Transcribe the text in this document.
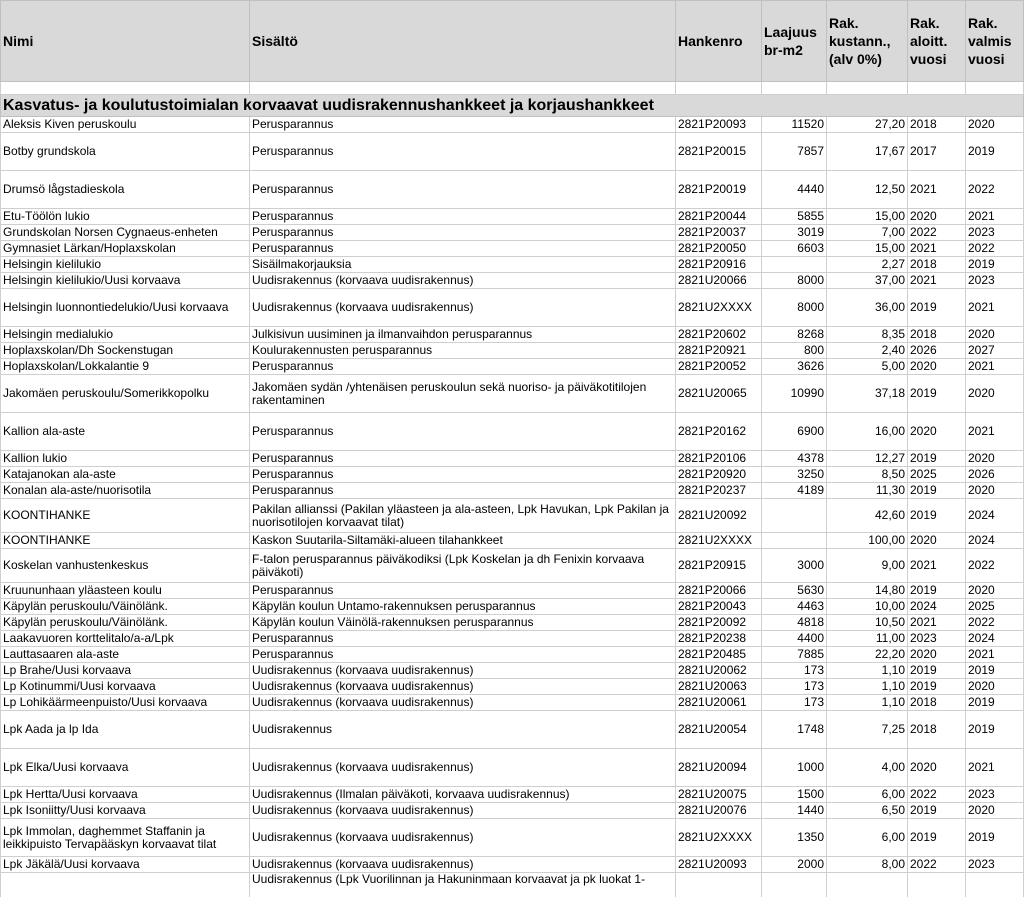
Nimi	Sisältö	Hankenro	Laajuus br-m2	Rak. kustann., (alv 0%)	Rak. aloitt. vuosi	Rak. valmis vuosi

Kasvatus- ja koulutustoimialan korvaavat uudisrakennushankkeet ja korjaushankkeet						
Aleksis Kiven peruskoulu	Perusparannus	2821P20093	11520	27,20	2018	2020
Botby grundskola	Perusparannus	2821P20015	7857	17,67	2017	2019
Drumsö lågstadieskola	Perusparannus	2821P20019	4440	12,50	2021	2022
Etu-Töölön lukio	Perusparannus	2821P20044	5855	15,00	2020	2021
Grundskolan Norsen Cygnaeus-enheten	Perusparannus	2821P20037	3019	7,00	2022	2023
Gymnasiet Lärkan/Hoplaxskolan	Perusparannus	2821P20050	6603	15,00	2021	2022
Helsingin kielilukio	Sisäilmakorjauksia	2821P20916		2,27	2018	2019
Helsingin kielilukio/Uusi korvaava	Uudisrakennus (korvaava uudisrakennus)	2821U20066	8000	37,00	2021	2023
Helsingin luonnontiedelukio/Uusi korvaava	Uudisrakennus (korvaava uudisrakennus)	2821U2XXXX	8000	36,00	2019	2021
Helsingin medialukio	Julkisivun uusiminen ja ilmanvaihdon perusparannus	2821P20602	8268	8,35	2018	2020
Hoplaxskolan/Dh Sockenstugan	Koulurakennusten perusparannus	2821P20921	800	2,40	2026	2027
Hoplaxskolan/Lokkalantie 9	Perusparannus	2821P20052	3626	5,00	2020	2021
Jakomäen peruskoulu/Somerikkopolku	Jakomäen sydän /yhtenäisen peruskoulun sekä nuoriso- ja päiväkotitilojen rakentaminen	2821U20065	10990	37,18	2019	2020
Kallion ala-aste	Perusparannus	2821P20162	6900	16,00	2020	2021
Kallion lukio	Perusparannus	2821P20106	4378	12,27	2019	2020
Katajanokan ala-aste	Perusparannus	2821P20920	3250	8,50	2025	2026
Konalan ala-aste/nuorisotila	Perusparannus	2821P20237	4189	11,30	2019	2020
KOONTIHANKE	Pakilan allianssi (Pakilan yläasteen ja ala-asteen, Lpk Havukan, Lpk Pakilan ja nuorisotilojen korvaavat tilat)	2821U20092		42,60	2019	2024
KOONTIHANKE	Kaskon Suutarila-Siltamäki-alueen tilahankkeet	2821U2XXXX		100,00	2020	2024
Koskelan vanhustenkeskus	F-talon perusparannus päiväkodiksi (Lpk Koskelan ja dh Fenixin korvaava päiväkoti)	2821P20915	3000	9,00	2021	2022
Kruununhaan yläasteen koulu	Perusparannus	2821P20066	5630	14,80	2019	2020
Käpylän peruskoulu/Väinölänk.	Käpylän koulun Untamo-rakennuksen perusparannus	2821P20043	4463	10,00	2024	2025
Käpylän peruskoulu/Väinölänk.	Käpylän koulun Väinölä-rakennuksen perusparannus	2821P20092	4818	10,50	2021	2022
Laakavuoren korttelitalo/a-a/Lpk	Perusparannus	2821P20238	4400	11,00	2023	2024
Lauttasaaren ala-aste	Perusparannus	2821P20485	7885	22,20	2020	2021
Lp Brahe/Uusi korvaava	Uudisrakennus (korvaava uudisrakennus)	2821U20062	173	1,10	2019	2019
Lp Kotinummi/Uusi korvaava	Uudisrakennus (korvaava uudisrakennus)	2821U20063	173	1,10	2019	2020
Lp Lohikäärmeenpuisto/Uusi korvaava	Uudisrakennus (korvaava uudisrakennus)	2821U20061	173	1,10	2018	2019
Lpk Aada ja lp Ida	Uudisrakennus	2821U20054	1748	7,25	2018	2019
Lpk Elka/Uusi korvaava	Uudisrakennus (korvaava uudisrakennus)	2821U20094	1000	4,00	2020	2021
Lpk Hertta/Uusi korvaava	Uudisrakennus (Ilmalan päiväkoti, korvaava uudisrakennus)	2821U20075	1500	6,00	2022	2023
Lpk Isoniitty/Uusi korvaava	Uudisrakennus (korvaava uudisrakennus)	2821U20076	1440	6,50	2019	2020
Lpk Immolan, daghemmet Staffanin ja leikkipuisto Tervapääskyn korvaavat tilat	Uudisrakennus (korvaava uudisrakennus)	2821U2XXXX	1350	6,00	2019	2019
Lpk Jäkälä/Uusi korvaava	Uudisrakennus (korvaava uudisrakennus)	2821U20093	2000	8,00	2022	2023
	Uudisrakennus (Lpk Vuorilinnan ja Hakuninmaan korvaavat ja pk luokat 1-					
